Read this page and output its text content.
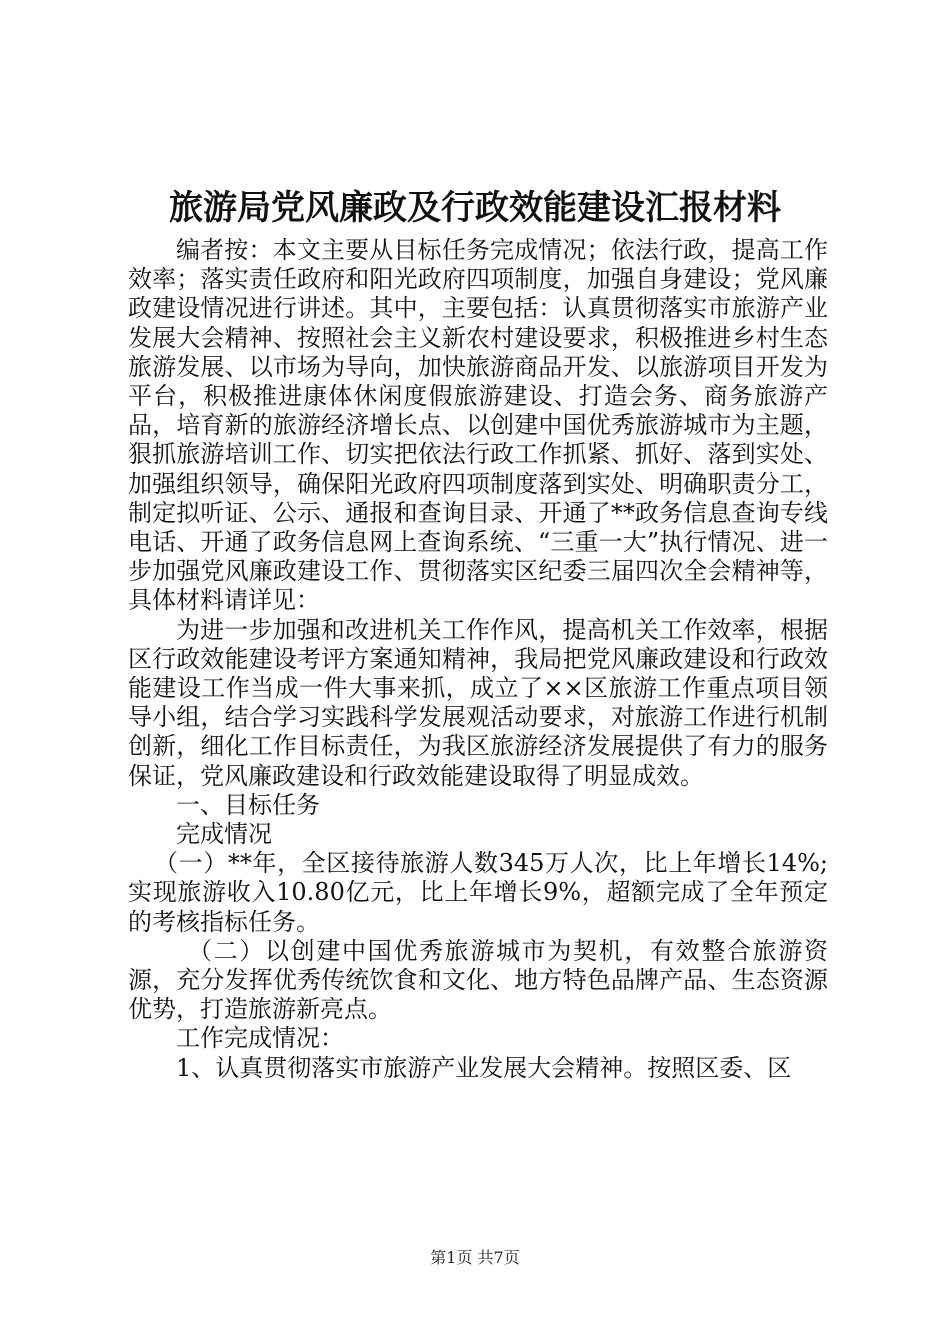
旅游局党风廉政及行政效能建设汇报材料

编者按：本文主要从目标任务完成情况；依法行政，提高工作效率；落实责任政府和阳光政府四项制度，加强自身建设；党风廉政建设情况进行讲述。其中，主要包括：认真贯彻落实市旅游产业发展大会精神、按照社会主义新农村建设要求，积极推进乡村生态旅游发展、以市场为导向，加快旅游商品开发、以旅游项目开发为平台，积极推进康体休闲度假旅游建设、打造会务、商务旅游产品，培育新的旅游经济增长点、以创建中国优秀旅游城市为主题，狠抓旅游培训工作、切实把依法行政工作抓紧、抓好、落到实处、加强组织领导，确保阳光政府四项制度落到实处、明确职责分工，制定拟听证、公示、通报和查询目录、开通了**政务信息查询专线电话、开通了政务信息网上查询系统、“三重一大”执行情况、进一步加强党风廉政建设工作、贯彻落实区纪委三届四次全会精神等，具体材料请详见：

为进一步加强和改进机关工作作风，提高机关工作效率，根据区行政效能建设考评方案通知精神，我局把党风廉政建设和行政效能建设工作当成一件大事来抓，成立了××区旅游工作重点项目领导小组，结合学习实践科学发展观活动要求，对旅游工作进行机制创新，细化工作目标责任，为我区旅游经济发展提供了有力的服务保证，党风廉政建设和行政效能建设取得了明显成效。

一、目标任务

完成情况

（一）**年，全区接待旅游人数345万人次，比上年增长14%;实现旅游收入10.80亿元，比上年增长9%，超额完成了全年预定的考核指标任务。

（二）以创建中国优秀旅游城市为契机，有效整合旅游资源，充分发挥优秀传统饮食和文化、地方特色品牌产品、生态资源优势，打造旅游新亮点。

工作完成情况：

1、认真贯彻落实市旅游产业发展大会精神。按照区委、区

第1页 共7页
